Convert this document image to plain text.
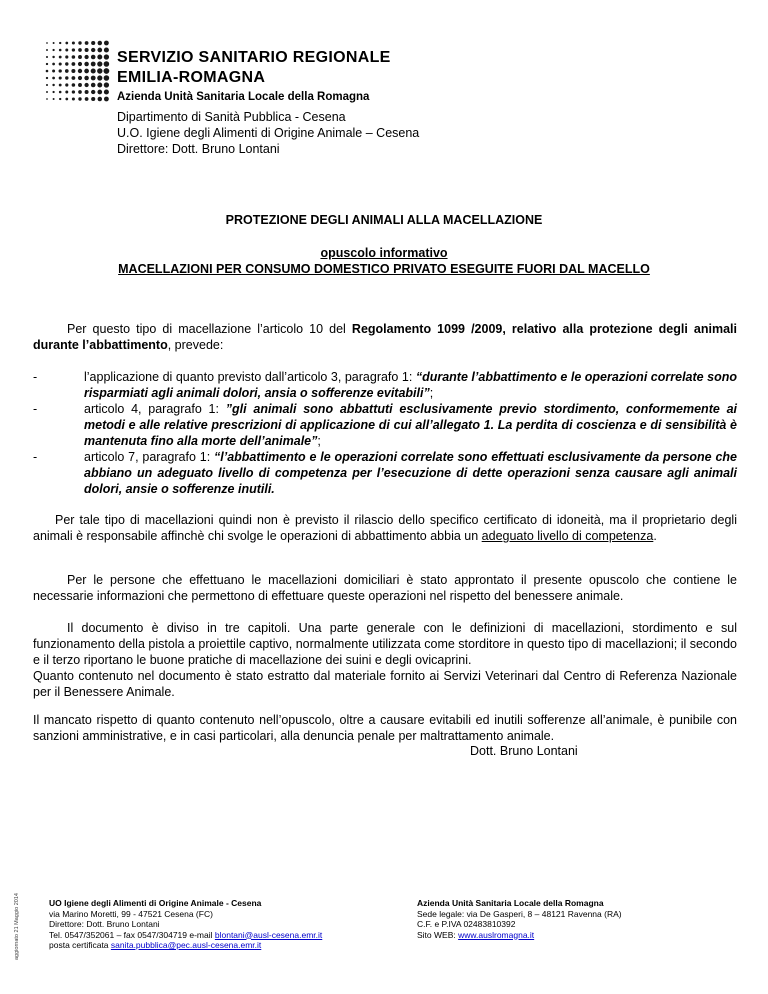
SERVIZIO SANITARIO REGIONALE
EMILIA-ROMAGNA
Azienda Unità Sanitaria Locale della Romagna
Dipartimento di Sanità Pubblica - Cesena
U.O. Igiene degli Alimenti di Origine Animale – Cesena
Direttore: Dott. Bruno Lontani
PROTEZIONE DEGLI ANIMALI ALLA MACELLAZIONE
opuscolo informativo
MACELLAZIONI PER CONSUMO DOMESTICO PRIVATO ESEGUITE FUORI DAL MACELLO
Per questo tipo di macellazione l’articolo 10 del Regolamento 1099 /2009, relativo alla protezione degli animali durante l’abbattimento, prevede:
-	l’applicazione di quanto previsto dall’articolo 3, paragrafo 1: “durante l’abbattimento e le operazioni correlate sono risparmiati agli animali dolori, ansia o sofferenze evitabili”;
-	articolo 4, paragrafo 1: ”gli animali sono abbattuti esclusivamente previo stordimento, conformemente ai metodi e alle relative prescrizioni di applicazione di cui all’allegato 1. La perdita di coscienza e di sensibilità è mantenuta fino alla morte dell’animale”;
-	articolo 7, paragrafo 1: “l’abbattimento e le operazioni correlate sono effettuati esclusivamente da persone che abbiano un adeguato livello di competenza per l’esecuzione di dette operazioni senza causare agli animali dolori, ansie o sofferenze inutili.
Per tale tipo di macellazioni quindi non è previsto il rilascio dello specifico certificato di idoneità, ma il proprietario degli animali è responsabile affinchè chi svolge le operazioni di abbattimento abbia un adeguato livello di competenza.
Per le persone che effettuano le macellazioni domiciliari è stato approntato il presente opuscolo che contiene le necessarie informazioni che permettono di effettuare queste operazioni nel rispetto del benessere animale.
Il documento è diviso in tre capitoli. Una parte generale con le definizioni di macellazioni, stordimento e sul funzionamento della pistola a proiettile captivo, normalmente utilizzata come storditore in questo tipo di macellazioni; il secondo e il terzo riportano le buone pratiche di macellazione dei suini e degli ovicaprini.
Quanto contenuto nel documento è stato estratto dal materiale fornito ai Servizi Veterinari dal Centro di Referenza Nazionale per il Benessere Animale.
Il mancato rispetto di quanto contenuto nell’opuscolo, oltre a causare evitabili ed inutili sofferenze all’animale, è punibile con sanzioni amministrative, e in casi particolari, alla denuncia penale per maltrattamento animale.
Dott. Bruno Lontani
aggiornato 21 Maggio 2014	UO Igiene degli Alimenti di Origine Animale - Cesena
via Marino Moretti, 99 - 47521 Cesena (FC)
Direttore: Dott. Bruno Lontani
Tel. 0547/352061 – fax 0547/304719 e-mail blontani@ausl-cesena.emr.it
posta certificata sanita.pubblica@pec.ausl-cesena.emr.it
Azienda Unità Sanitaria Locale della Romagna
Sede legale: via De Gasperi, 8 – 48121 Ravenna (RA)
C.F. e P.IVA 02483810392
Sito WEB: www.auslromagna.it
